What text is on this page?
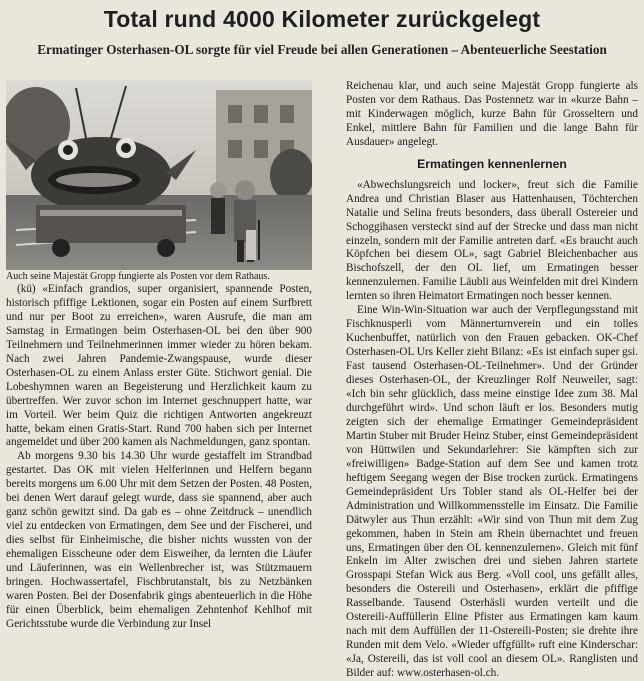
Total rund 4000 Kilometer zurückgelegt
Ermatinger Osterhasen-OL sorgte für viel Freude bei allen Generationen – Abenteuerliche Seestation

Auch seine Majestät Gropp fungierte als Posten vor dem Rathaus.

(kü) «Einfach grandios, super organisiert, spannende Posten, historisch pfiffige Lektionen, sogar ein Posten auf einem Surfbrett und nur per Boot zu erreichen», waren Ausrufe, die man am Samstag in Ermatingen beim Osterhasen-OL bei den über 900 Teilnehmern und Teilnehmerinnen immer wieder zu hören bekam. Nach zwei Jahren Pandemie-Zwangspause, wurde dieser Osterhasen-OL zu einem Anlass erster Güte. Stichwort genial. Die Lobeshymnen waren an Begeisterung und Herzlichkeit kaum zu übertreffen. Wer zuvor schon im Internet geschnuppert hatte, war im Vorteil. Wer beim Quiz die richtigen Antworten angekreuzt hatte, bekam einen Gratis-Start. Rund 700 haben sich per Internet angemeldet und über 200 kamen als Nachmeldungen, ganz spontan.

Ab morgens 9.30 bis 14.30 Uhr wurde gestaffelt im Strandbad gestartet. Das OK mit vielen Helferinnen und Helfern begann bereits morgens um 6.00 Uhr mit dem Setzen der Posten. 48 Posten, bei denen Wert darauf gelegt wurde, dass sie spannend, aber auch ganz schön gewitzt sind. Da gab es – ohne Zeitdruck – unendlich viel zu entdecken von Ermatingen, dem See und der Fischerei, und dies selbst für Einheimische, die bisher nichts wussten von der ehemaligen Eisscheune oder dem Eisweiher, da lernten die Läufer und Läuferinnen, was ein Wellenbrecher ist, was Stützmauern bringen. Hochwassertafel, Fischbrutanstalt, bis zu Netzbänken waren Posten. Bei der Dosenfabrik gings abenteuerlich in die Höhe für einen Überblick, beim ehemaligen Zehntenhof Kehlhof mit Gerichtsstube wurde die Verbindung zur Insel

Reichenau klar, und auch seine Majestät Gropp fungierte als Posten vor dem Rathaus. Das Postennetz war in «kurze Bahn – mit Kinderwagen möglich, kurze Bahn für Grosseltern und Enkel, mittlere Bahn für Familien und die lange Bahn für Ausdauer» angelegt.

Ermatingen kennenlernen

«Abwechslungsreich und locker», freut sich die Familie Andrea und Christian Blaser aus Hattenhausen, Töchterchen Natalie und Selina freuts besonders, dass überall Ostereier und Schoggihasen versteckt sind auf der Strecke und dass man nicht einzeln, sondern mit der Familie antreten darf. «Es braucht auch Köpfchen bei diesem OL», sagt Gabriel Bleichenbacher aus Bischofszell, der den OL lief, um Ermatingen besser kennenzulernen. Familie Läubli aus Weinfelden mit drei Kindern lernten so ihren Heimatort Ermatingen noch besser kennen.

Eine Win-Win-Situation war auch der Verpflegungsstand mit Fischknusperli vom Männerturnverein und ein tolles Kuchenbuffet, natürlich von den Frauen gebacken. OK-Chef Osterhasen-OL Urs Keller zieht Bilanz: «Es ist einfach super gsi. Fast tausend Osterhasen-OL-Teilnehmer». Und der Gründer dieses Osterhasen-OL, der Kreuzlinger Rolf Neuweiler, sagt: «Ich bin sehr glücklich, dass meine einstige Idee zum 38. Mal durchgeführt wird». Und schon läuft er los. Besonders mutig zeigten sich der ehemalige Ermatinger Gemeindepräsident Martin Stuber mit Bruder Heinz Stuber, einst Gemeindepräsident von Hüttwilen und Sekundarlehrer: Sie kämpften sich zur «freiwilligen» Badge-Station auf dem See und kamen trotz heftigem Seegang wegen der Bise trocken zurück. Ermatingens Gemeindepräsident Urs Tobler stand als OL-Helfer bei der Administration und Willkommensstelle im Einsatz. Die Familie Dätwyler aus Thun erzählt: «Wir sind von Thun mit dem Zug gekommen, haben in Stein am Rhein übernachtet und freuen uns, Ermatingen über den OL kennenzulernen». Gleich mit fünf Enkeln im Alter zwischen drei und sieben Jahren startete Grosspapi Stefan Wick aus Berg. «Voll cool, uns gefällt alles, besonders die Ostereili und Osterhasen», erklärt die pfiffige Rasselbande. Tausend Osterhäsli wurden verteilt und die Ostereili-Auffüllerin Eline Pfister aus Ermatingen kam kaum nach mit dem Auffüllen der 11-Ostereili-Posten; sie drehte ihre Runden mit dem Velo. «Wieder uffgfüllt» ruft eine Kinderschar: «Ja, Ostereili, das ist voll cool an diesem OL». Ranglisten und Bilder auf: www.osterhasen-ol.ch.
